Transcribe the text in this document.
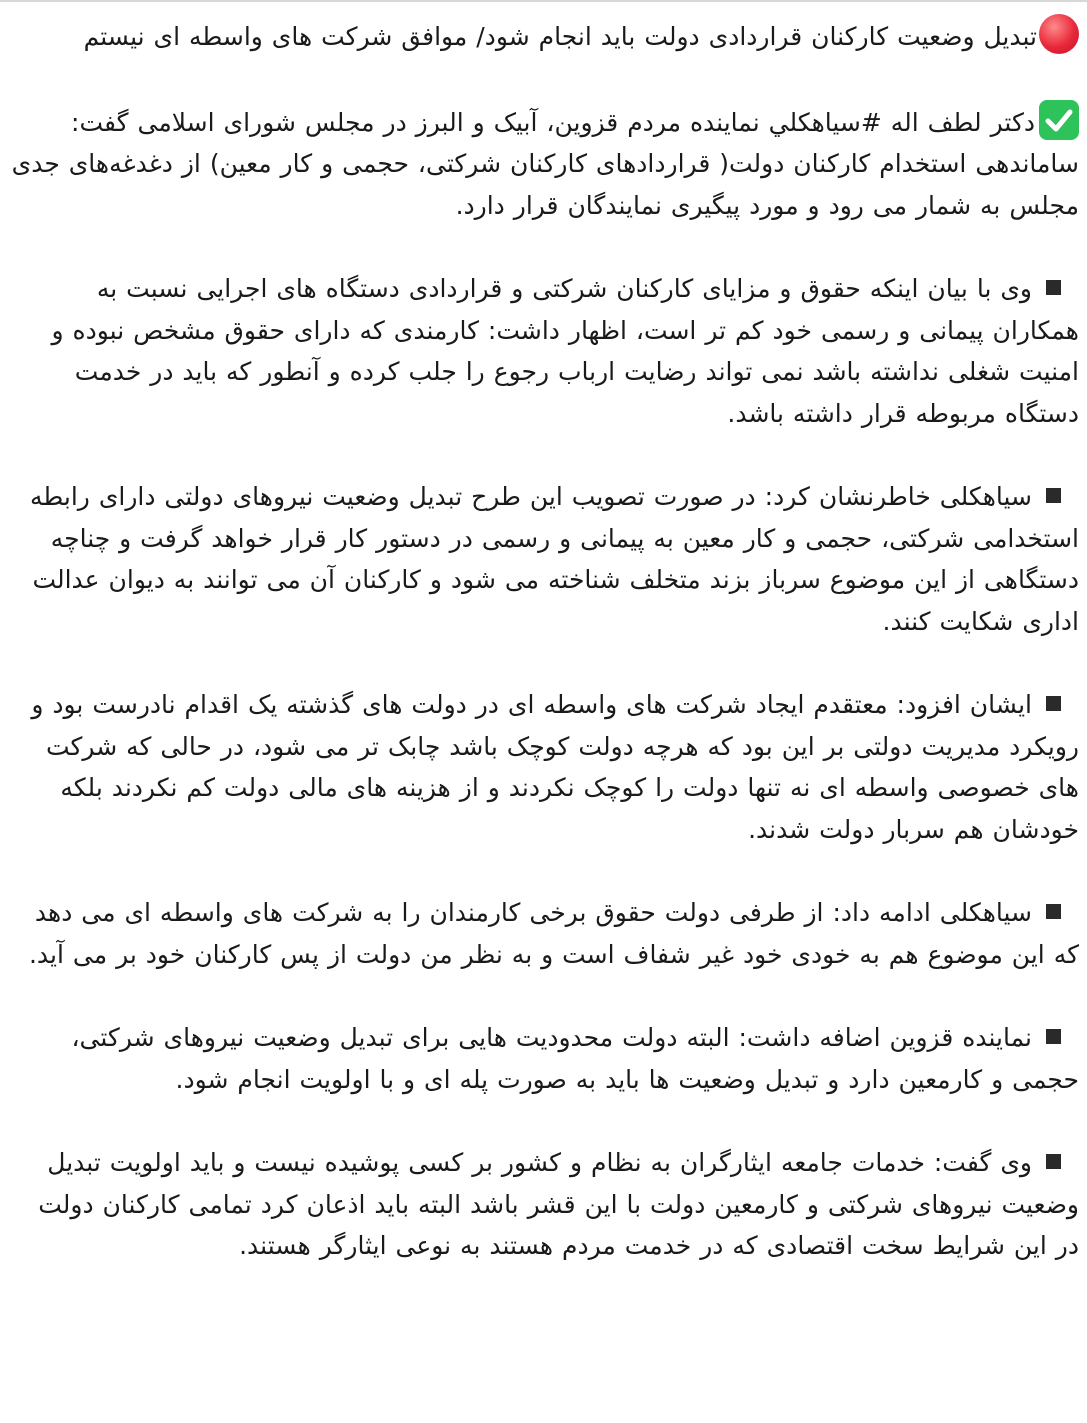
تبدیل وضعیت کارکنان قراردادی دولت باید انجام شود/ موافق شرکت های واسطه ای نیستم

دکتر لطف اله #سیاهكلي نماینده مردم قزوین، آبیک و البرز در مجلس شورای اسلامی گفت: ساماندهی استخدام کارکنان دولت( قراردادهای کارکنان شرکتی، حجمی و کار معین) از دغدغه‌های جدی مجلس به شمار می رود و مورد پیگیری نمایندگان قرار دارد.

وی با بیان اینکه حقوق و مزایای کارکنان شرکتی و قراردادی دستگاه های اجرایی نسبت به همکاران پیمانی و رسمی خود کم تر است، اظهار داشت: کارمندی که دارای حقوق مشخص نبوده و امنیت شغلی نداشته باشد نمی تواند رضایت ارباب رجوع را جلب کرده و آنطور که باید در خدمت دستگاه مربوطه قرار داشته باشد.

سیاهکلی خاطرنشان کرد: در صورت تصویب این طرح تبدیل وضعیت نیروهای دولتی دارای رابطه استخدامی شرکتی، حجمی و کار معین به پیمانی و رسمی در دستور کار قرار خواهد گرفت و چناچه دستگاهی از این موضوع سرباز بزند متخلف شناخته می شود و کارکنان آن می توانند به دیوان عدالت اداری شکایت کنند.

ایشان افزود: معتقدم ایجاد شرکت های واسطه ای در دولت های گذشته یک اقدام نادرست بود و رویکرد مدیریت دولتی بر این بود که هرچه دولت کوچک باشد چابک تر می شود، در حالی که شرکت های خصوصی واسطه ای نه تنها دولت را کوچک نکردند و از هزینه های مالی دولت کم نکردند بلکه خودشان هم سربار دولت شدند.

سیاهکلی ادامه داد: از طرفی دولت حقوق برخی کارمندان را به شرکت های واسطه ای می دهد که این موضوع هم به خودی خود غیر شفاف است و به نظر من دولت از پس کارکنان خود بر می آید.

نماینده قزوین اضافه داشت: البته دولت محدودیت هایی برای تبدیل وضعیت نیروهای شرکتی، حجمی و کارمعین دارد و تبدیل وضعیت ها باید به صورت پله ای و با اولویت انجام شود.

وی گفت: خدمات جامعه ایثارگران به نظام و کشور بر کسی پوشیده نیست و باید اولویت تبدیل وضعیت نیروهای شرکتی و کارمعین دولت با این قشر باشد البته باید اذعان کرد تمامی کارکنان دولت در این شرایط سخت اقتصادی که در خدمت مردم هستند به نوعی ایثارگر هستند.
